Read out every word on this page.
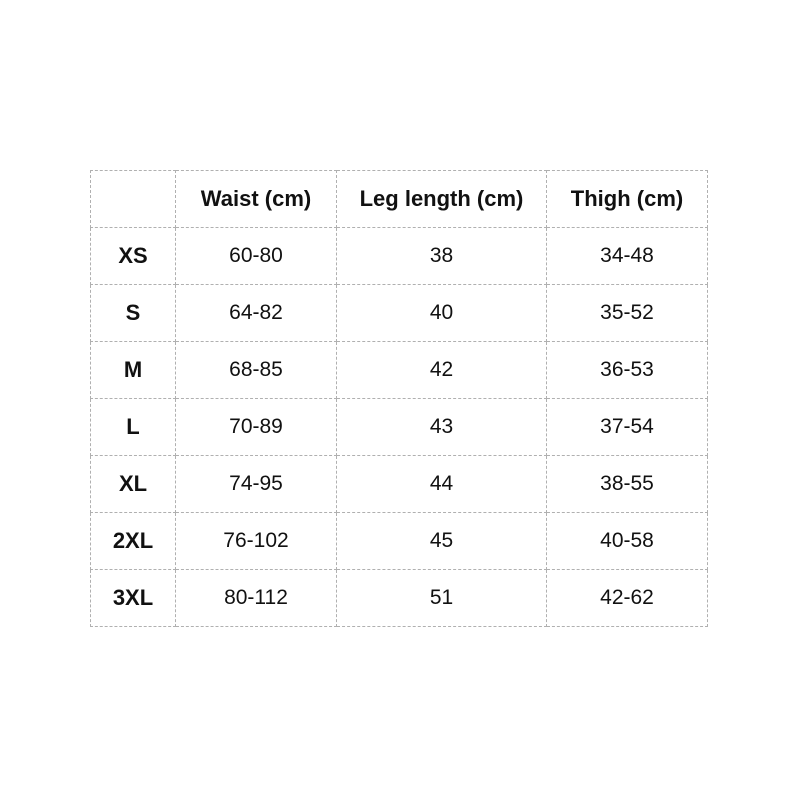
	Waist (cm)	Leg length (cm)	Thigh (cm)
XS	60-80	38	34-48
S	64-82	40	35-52
M	68-85	42	36-53
L	70-89	43	37-54
XL	74-95	44	38-55
2XL	76-102	45	40-58
3XL	80-112	51	42-62
